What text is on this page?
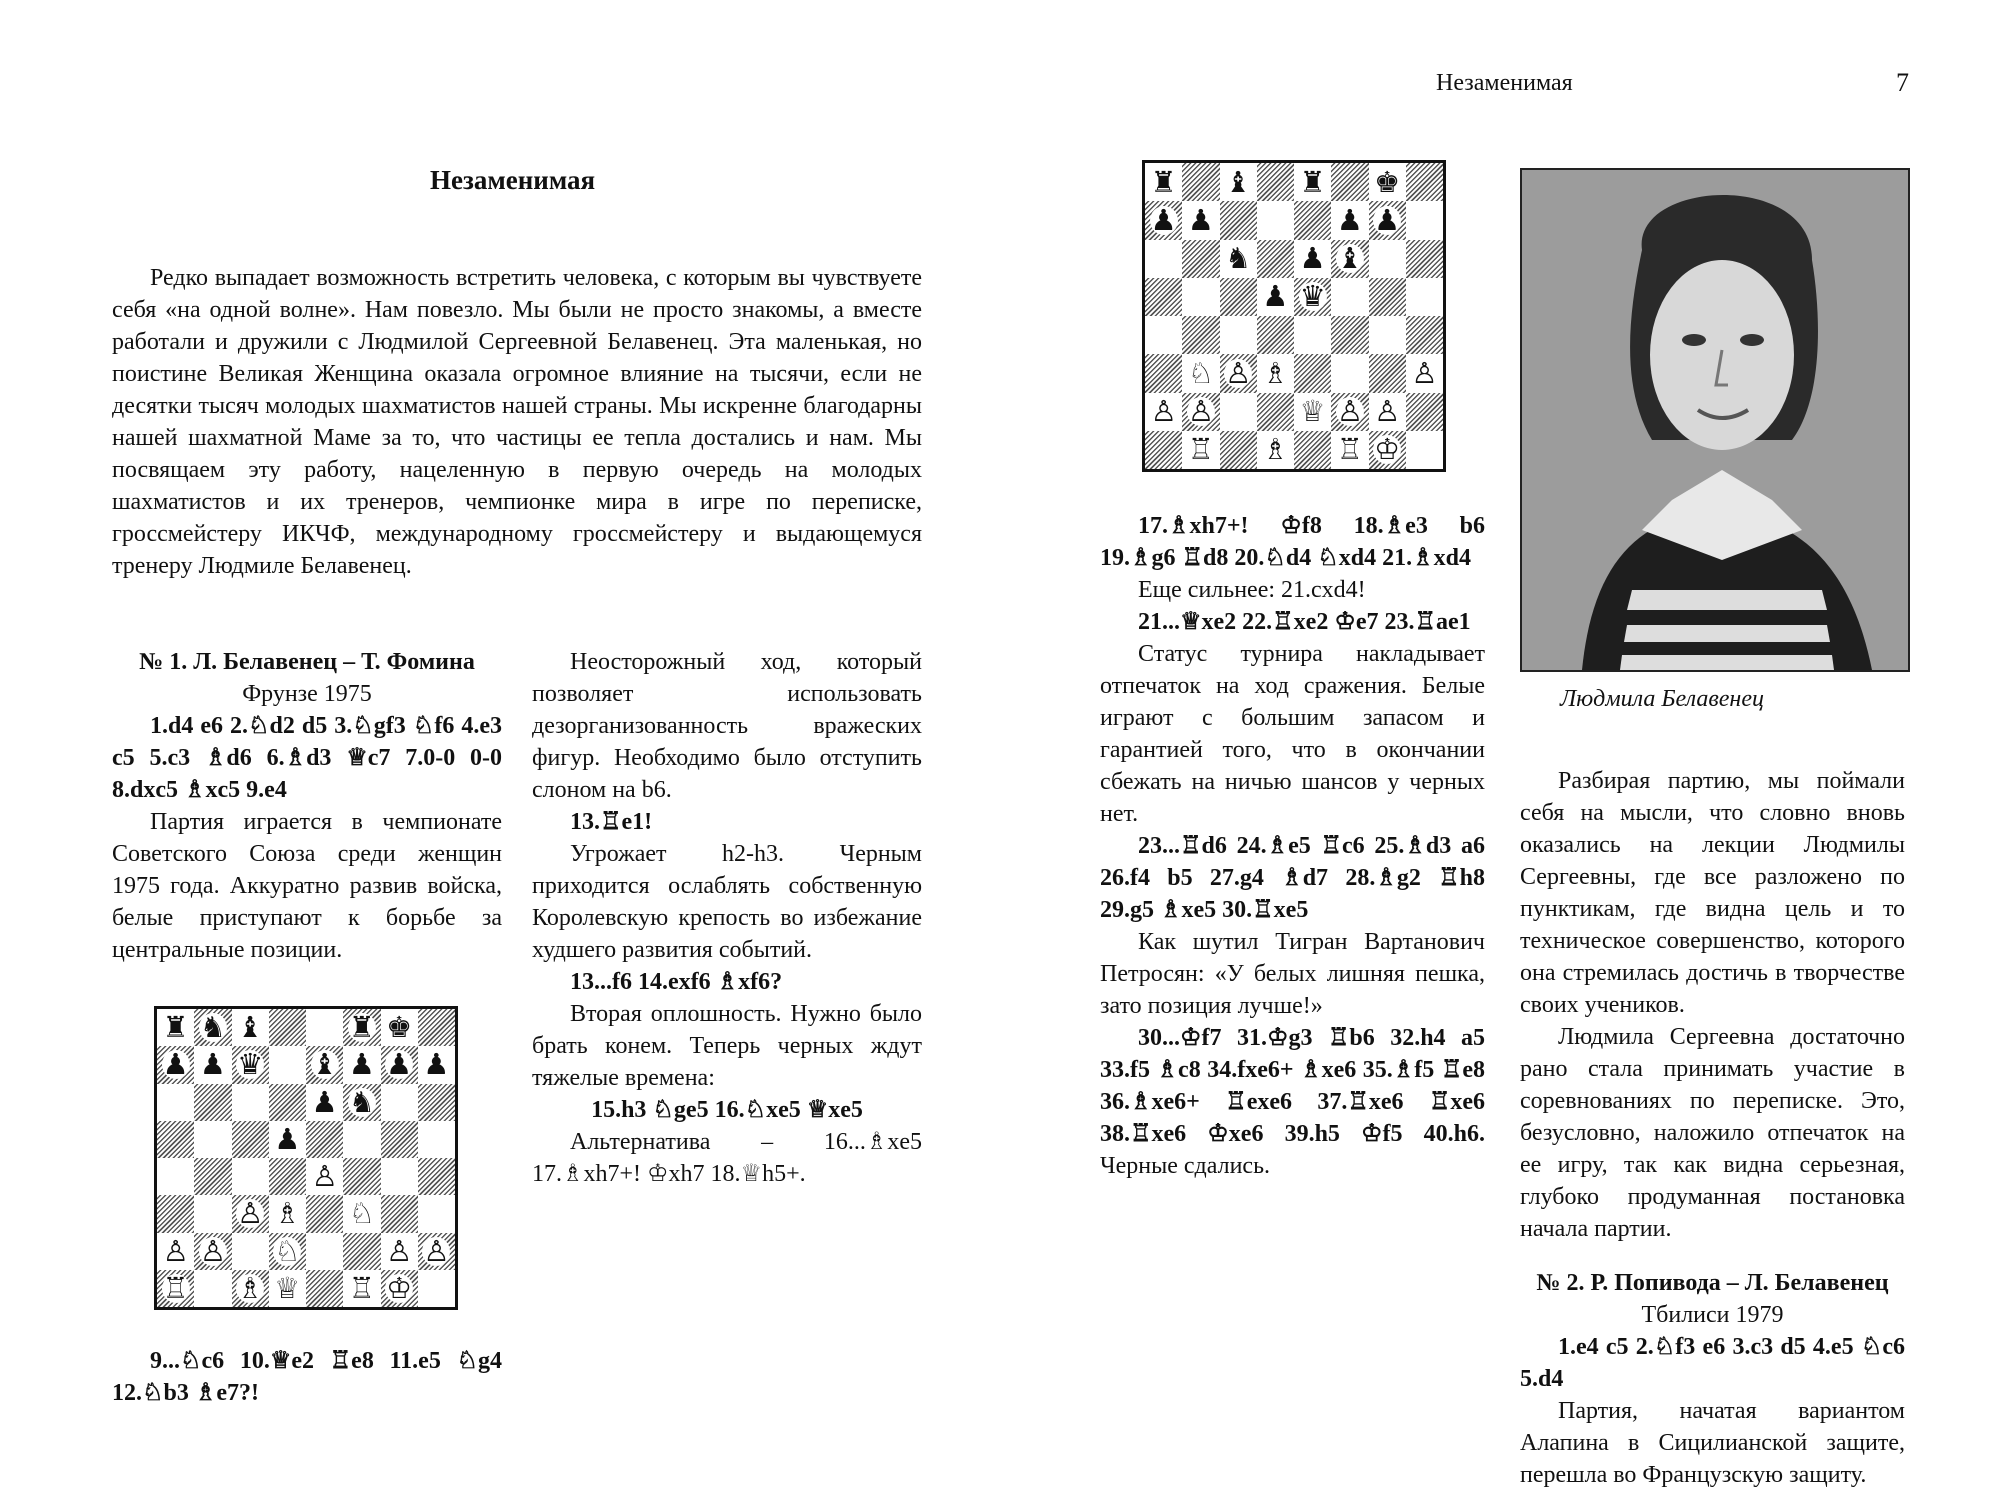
Незаменимая	7
Незаменимая

Редко выпадает возможность встретить человека, с которым вы чувствуете себя «на одной волне». Нам повезло. Мы были не просто знакомы, а вместе работали и дружили с Людмилой Сергеевной Белавенец. Эта маленькая, но поистине Великая Женщина оказала огромное влияние на тысячи, если не десятки тысяч молодых шахматистов нашей страны. Мы искренне благодарны нашей шахматной Маме за то, что частицы ее тепла достались и нам. Мы посвящаем эту работу, нацеленную в первую очередь на молодых шахматистов и их тренеров, чемпионке мира в игре по переписке, гроссмейстеру ИКЧФ, международному гроссмейстеру и выдающемуся тренеру Людмиле Белавенец.

№ 1. Л. Белавенец – Т. Фомина

Фрунзе 1975

1.d4 e6 2.♘d2 d5 3.♘gf3 ♘f6 4.e3 c5 5.c3 ♗d6 6.♗d3 ♕c7 7.0-0 0-0 8.dxc5 ♗xc5 9.e4

Партия играется в чемпионате Советского Союза среди женщин 1975 года. Аккуратно развив войска, белые приступают к борьбе за центральные позиции.

♜ ♞ ♝	♜ ♚
♟ ♟ ♛ ♝ ♟ ♟ ♟
♟ ♞
♟
♙
♙ ♗ ♘
♙ ♙ ♘	♙ ♙
♖ ♗ ♕ ♖ ♔

9...♘c6 10.♕e2 ♖e8 11.e5 ♘g4 12.♘b3 ♗e7?!

Неосторожный ход, который позволяет использовать дезорганизованность вражеских фигур. Необходимо было отступить слоном на b6.

13.♖e1!

Угрожает h2-h3. Черным приходится ослаблять собственную Королевскую крепость во избежание худшего развития событий.

13...f6 14.exf6 ♗xf6?

Вторая оплошность. Нужно было брать конем. Теперь черных ждут тяжелые времена:

15.h3 ♘ge5 16.♘xe5 ♕xe5

Альтернатива – 16...♗xe5 17.♗xh7+! ♔xh7 18.♕h5+.

♜ ♝ ♜ ♚
♟ ♟	♟ ♟
♞ ♟ ♝
♟ ♛
♘ ♙ ♗	♙
♙ ♙	♕ ♙ ♙
♖ ♗ ♖ ♔

17.♗xh7+! ♔f8 18.♗e3 b6 19.♗g6 ♖d8 20.♘d4 ♘xd4 21.♗xd4

Еще сильнее: 21.cxd4!

21...♕xe2 22.♖xe2 ♔e7 23.♖ae1

Статус турнира накладывает отпечаток на ход сражения. Белые играют с большим запасом и гарантией того, что в окончании сбежать на ничью шансов у черных нет.

23...♖d6 24.♗e5 ♖c6 25.♗d3 a6 26.f4 b5 27.g4 ♗d7 28.♗g2 ♖h8 29.g5 ♗xe5 30.♖xe5

Как шутил Тигран Вартанович Петросян: «У белых лишняя пешка, зато позиция лучше!»

30...♔f7 31.♔g3 ♖b6 32.h4 a5 33.f5 ♗c8 34.fxe6+ ♗xe6 35.♗f5 ♖e8 36.♗xe6+ ♖exe6 37.♖xe6 ♖xe6 38.♖xe6 ♔xe6 39.h5 ♔f5 40.h6. Черные сдались.

Людмила Белавенец

Разбирая партию, мы поймали себя на мысли, что словно вновь оказались на лекции Людмилы Сергеевны, где все разложено по пунктикам, где видна цель и то техническое совершенство, которого она стремилась достичь в творчестве своих учеников.

Людмила Сергеевна достаточно рано стала принимать участие в соревнованиях по переписке. Это, безусловно, наложило отпечаток на ее игру, так как видна серьезная, глубоко продуманная постановка начала партии.

№ 2. Р. Попивода – Л. Белавенец

Тбилиси 1979

1.e4 c5 2.♘f3 e6 3.c3 d5 4.e5 ♘c6 5.d4

Партия, начатая вариантом Алапина в Сицилианской защите, перешла во Французскую защиту.
